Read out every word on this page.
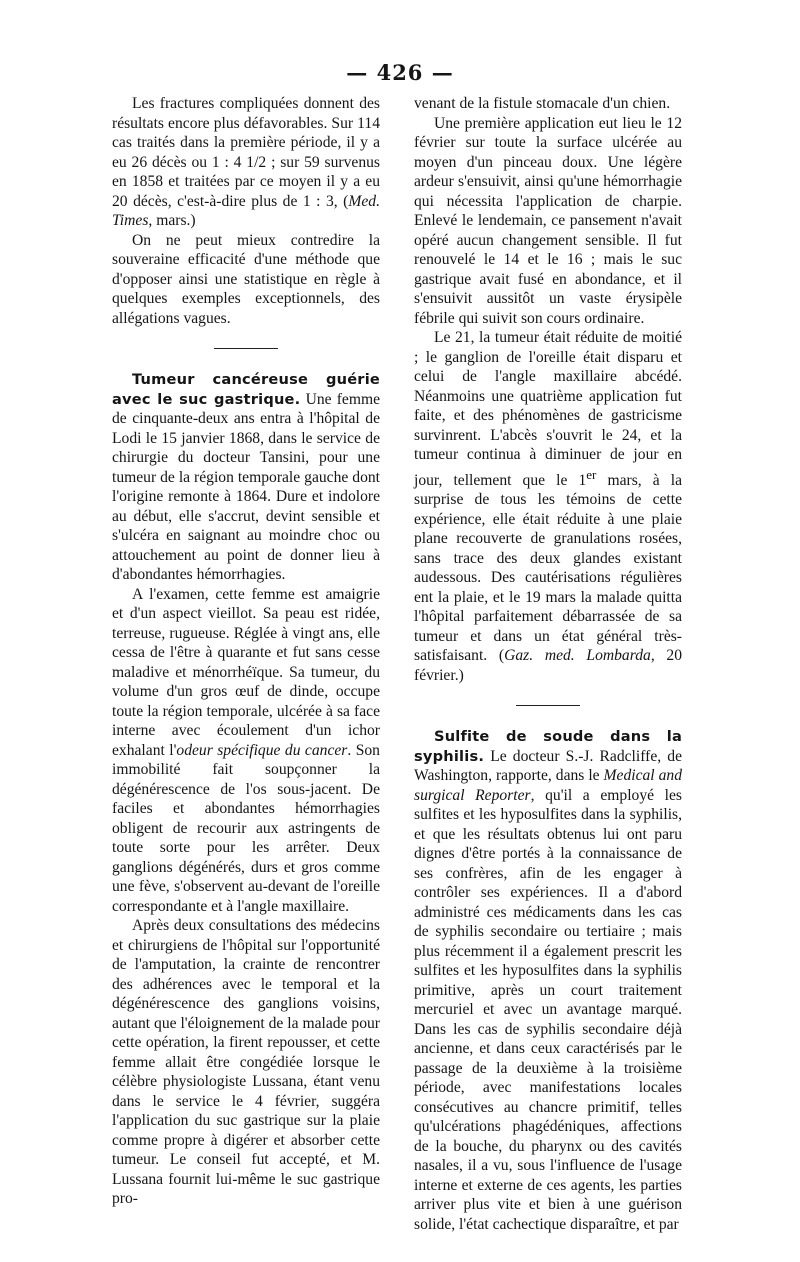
— 426 —

Les fractures compliquées donnent des résultats encore plus défavorables. Sur 114 cas traités dans la première période, il y a eu 26 décès ou 1 : 4 1/2 ; sur 59 survenus en 1858 et traitées par ce moyen il y a eu 20 décès, c'est-à-dire plus de 1 : 3, (Med. Times, mars.)

On ne peut mieux contredire la souveraine efficacité d'une méthode que d'opposer ainsi une statistique en règle à quelques exemples exceptionnels, des allégations vagues.

Tumeur cancéreuse guérie avec le suc gastrique. Une femme de cinquante-deux ans entra à l'hôpital de Lodi le 15 janvier 1868, dans le service de chirurgie du docteur Tansini, pour une tumeur de la région temporale gauche dont l'origine remonte à 1864. Dure et indolore au début, elle s'accrut, devint sensible et s'ulcéra en saignant au moindre choc ou attouchement au point de donner lieu à d'abondantes hémorrhagies.

A l'examen, cette femme est amaigrie et d'un aspect vieillot. Sa peau est ridée, terreuse, rugueuse. Réglée à vingt ans, elle cessa de l'être à quarante et fut sans cesse maladive et ménorrhéïque. Sa tumeur, du volume d'un gros œuf de dinde, occupe toute la région temporale, ulcérée à sa face interne avec écoulement d'un ichor exhalant l'odeur spécifique du cancer. Son immobilité fait soupçonner la dégénérescence de l'os sous-jacent. De faciles et abondantes hémorrhagies obligent de recourir aux astringents de toute sorte pour les arrêter. Deux ganglions dégénérés, durs et gros comme une fève, s'observent au-devant de l'oreille correspondante et à l'angle maxillaire.

Après deux consultations des médecins et chirurgiens de l'hôpital sur l'opportunité de l'amputation, la crainte de rencontrer des adhérences avec le temporal et la dégénérescence des ganglions voisins, autant que l'éloignement de la malade pour cette opération, la firent repousser, et cette femme allait être congédiée lorsque le célèbre physiologiste Lussana, étant venu dans le service le 4 février, suggéra l'application du suc gastrique sur la plaie comme propre à digérer et absorber cette tumeur. Le conseil fut accepté, et M. Lussana fournit lui-même le suc gastrique pro-

venant de la fistule stomacale d'un chien.

Une première application eut lieu le 12 février sur toute la surface ulcérée au moyen d'un pinceau doux. Une légère ardeur s'ensuivit, ainsi qu'une hémorrhagie qui nécessita l'application de charpie. Enlevé le lendemain, ce pansement n'avait opéré aucun changement sensible. Il fut renouvelé le 14 et le 16 ; mais le suc gastrique avait fusé en abondance, et il s'ensuivit aussitôt un vaste érysipèle fébrile qui suivit son cours ordinaire.

Le 21, la tumeur était réduite de moitié ; le ganglion de l'oreille était disparu et celui de l'angle maxillaire abcédé. Néanmoins une quatrième application fut faite, et des phénomènes de gastricisme survinrent. L'abcès s'ouvrit le 24, et la tumeur continua à diminuer de jour en jour, tellement que le 1er mars, à la surprise de tous les témoins de cette expérience, elle était réduite à une plaie plane recouverte de granulations rosées, sans trace des deux glandes existant audessous. Des cautérisations régulières ent la plaie, et le 19 mars la malade quitta l'hôpital parfaitement débarrassée de sa tumeur et dans un état général très-satisfaisant. (Gaz. med. Lombarda, 20 février.)

Sulfite de soude dans la syphilis. Le docteur S.-J. Radcliffe, de Washington, rapporte, dans le Medical and surgical Reporter, qu'il a employé les sulfites et les hyposulfites dans la syphilis, et que les résultats obtenus lui ont paru dignes d'être portés à la connaissance de ses confrères, afin de les engager à contrôler ses expériences. Il a d'abord administré ces médicaments dans les cas de syphilis secondaire ou tertiaire ; mais plus récemment il a également prescrit les sulfites et les hyposulfites dans la syphilis primitive, après un court traitement mercuriel et avec un avantage marqué. Dans les cas de syphilis secondaire déjà ancienne, et dans ceux caractérisés par le passage de la deuxième à la troisième période, avec manifestations locales consécutives au chancre primitif, telles qu'ulcérations phagédéniques, affections de la bouche, du pharynx ou des cavités nasales, il a vu, sous l'influence de l'usage interne et externe de ces agents, les parties arriver plus vite et bien à une guérison solide, l'état cachectique disparaître, et par
